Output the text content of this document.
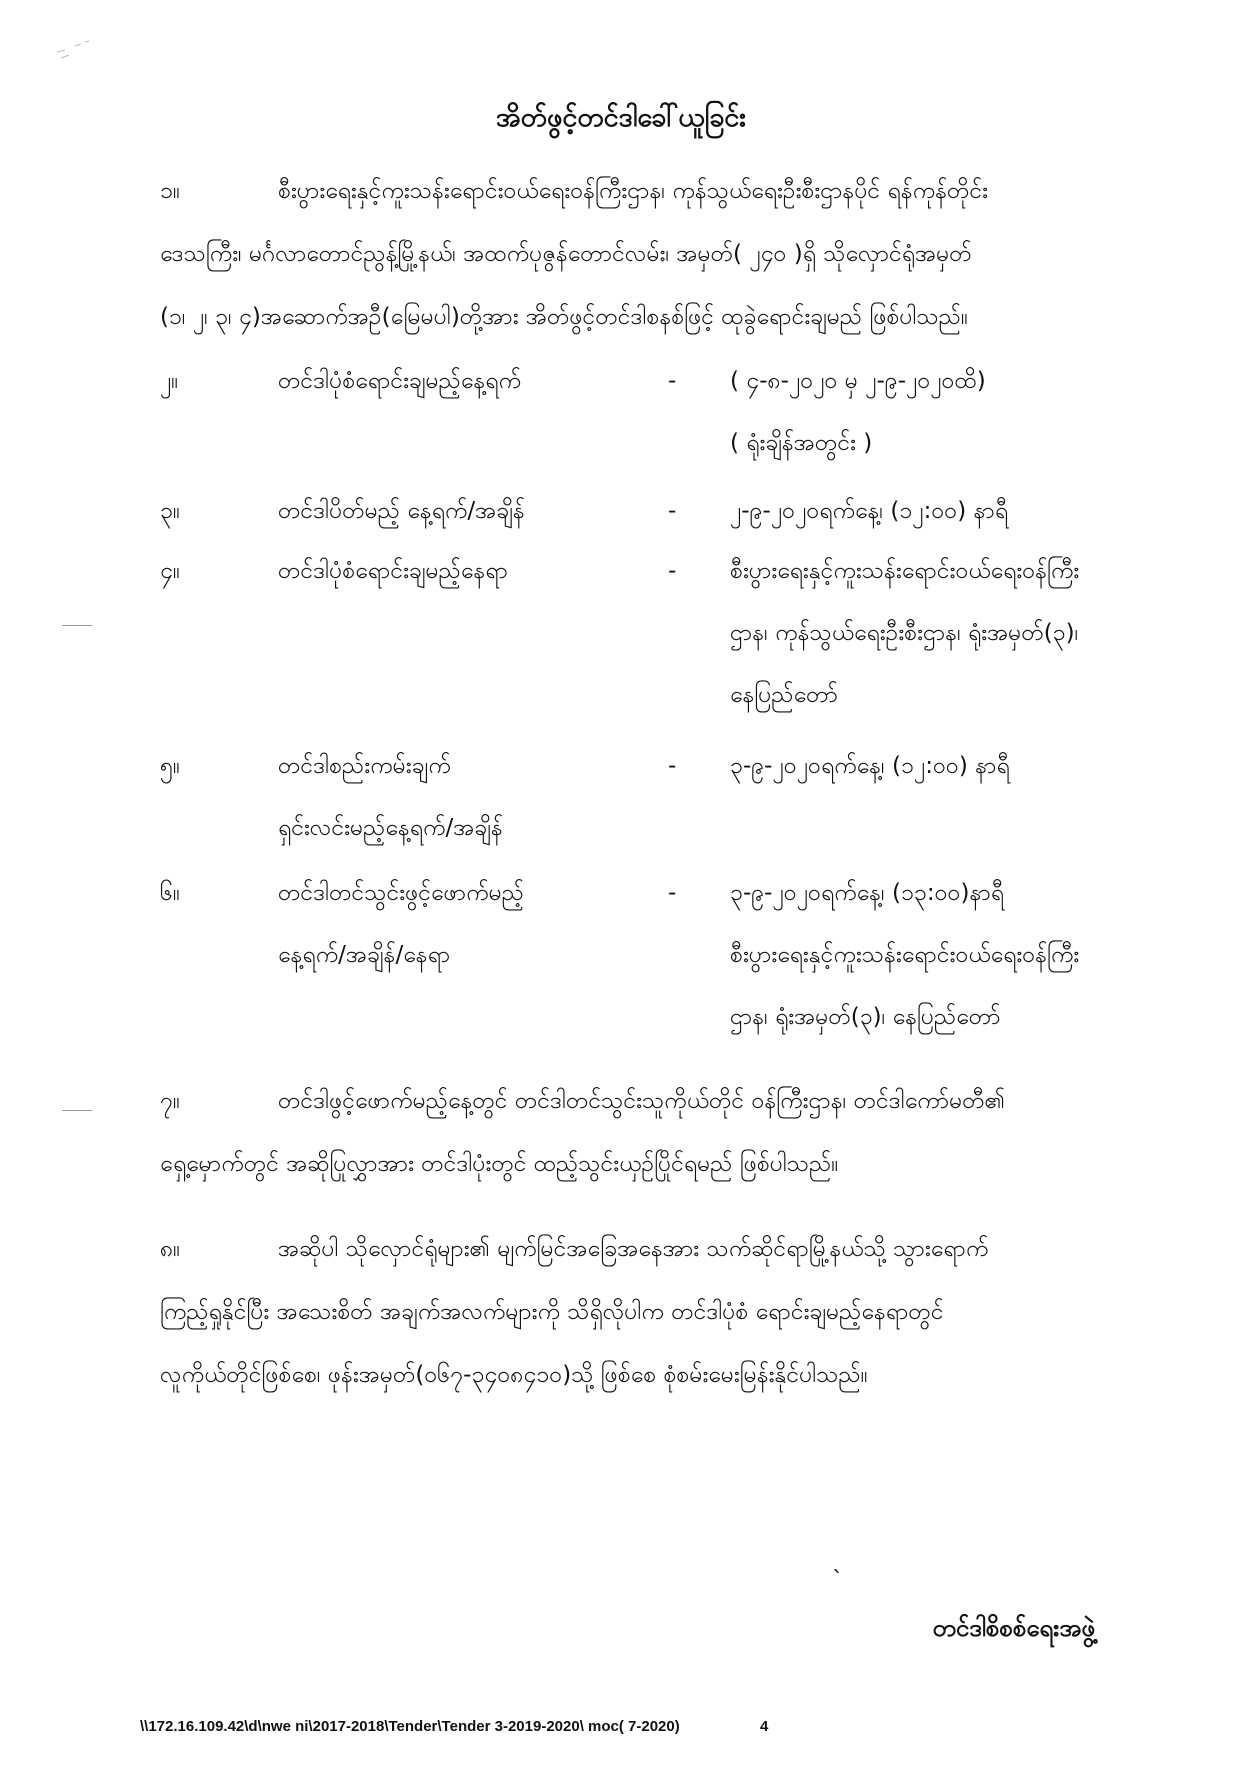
အိတ်ဖွင့်တင်ဒါခေါ်ယူခြင်း
၁။	စီးပွားရေးနှင့်ကူးသန်းရောင်းဝယ်ရေးဝန်ကြီးဌာန၊ ကုန်သွယ်ရေးဦးစီးဌာနပိုင် ရန်ကုန်တိုင်း
ဒေသကြီး၊ မင်္ဂလာတောင်ညွန့်မြို့နယ်၊ အထက်ပုဇွန်တောင်လမ်း၊ အမှတ်( ၂၄၀ )ရှိ သိုလှောင်ရုံအမှတ်
(၁၊ ၂၊ ၃၊ ၄)အဆောက်အဦ(မြေမပါ)တို့အား အိတ်ဖွင့်တင်ဒါစနစ်ဖြင့် ထုခွဲရောင်းချမည် ဖြစ်ပါသည်။
၂။	တင်ဒါပုံစံရောင်းချမည့်နေ့ရက်	- ( ၄-၈-၂၀၂၀ မှ ၂-၉-၂၀၂၀ထိ)
( ရုံးချိန်အတွင်း )
၃။	တင်ဒါပိတ်မည့် နေ့ရက်/အချိန်	- ၂-၉-၂၀၂၀ရက်နေ့၊ (၁၂:၀၀) နာရီ
၄။	တင်ဒါပုံစံရောင်းချမည့်နေရာ	- စီးပွားရေးနှင့်ကူးသန်းရောင်းဝယ်ရေးဝန်ကြီး
ဌာန၊ ကုန်သွယ်ရေးဦးစီးဌာန၊ ရုံးအမှတ်(၃)၊
နေပြည်တော်
၅။	တင်ဒါစည်းကမ်းချက်
ရှင်းလင်းမည့်နေ့ရက်/အချိန်
- ၃-၉-၂၀၂၀ရက်နေ့၊ (၁၂:၀၀) နာရီ
၆။	တင်ဒါတင်သွင်းဖွင့်ဖောက်မည့်
နေ့ရက်/အချိန်/နေရာ
- ၃-၉-၂၀၂၀ရက်နေ့၊ (၁၃:၀၀)နာရီ
စီးပွားရေးနှင့်ကူးသန်းရောင်းဝယ်ရေးဝန်ကြီး
ဌာန၊ ရုံးအမှတ်(၃)၊ နေပြည်တော်
၇။	တင်ဒါဖွင့်ဖောက်မည့်နေ့တွင် တင်ဒါတင်သွင်းသူကိုယ်တိုင် ဝန်ကြီးဌာန၊ တင်ဒါကော်မတီ၏
ရှေ့မှောက်တွင် အဆိုပြုလွှာအား တင်ဒါပုံးတွင် ထည့်သွင်းယှဉ်ပြိုင်ရမည် ဖြစ်ပါသည်။
၈။	အဆိုပါ သိုလှောင်ရုံများ၏ မျက်မြင်အခြေအနေအား သက်ဆိုင်ရာမြို့နယ်သို့ သွားရောက်
ကြည့်ရှုနိုင်ပြီး အသေးစိတ် အချက်အလက်များကို သိရှိလိုပါက တင်ဒါပုံစံ ရောင်းချမည့်နေရာတွင်
လူကိုယ်တိုင်ဖြစ်စေ၊ ဖုန်းအမှတ်(၀၆၇-၃၄၀၈၄၁၀)သို့ ဖြစ်စေ စုံစမ်းမေးမြန်းနိုင်ပါသည်။
`
တင်ဒါစိစစ်ရေးအဖွဲ့
\\172.16.109.42\d\nwe ni\2017-2018\Tender\Tender 3-2019-2020\ moc( 7-2020)	4
